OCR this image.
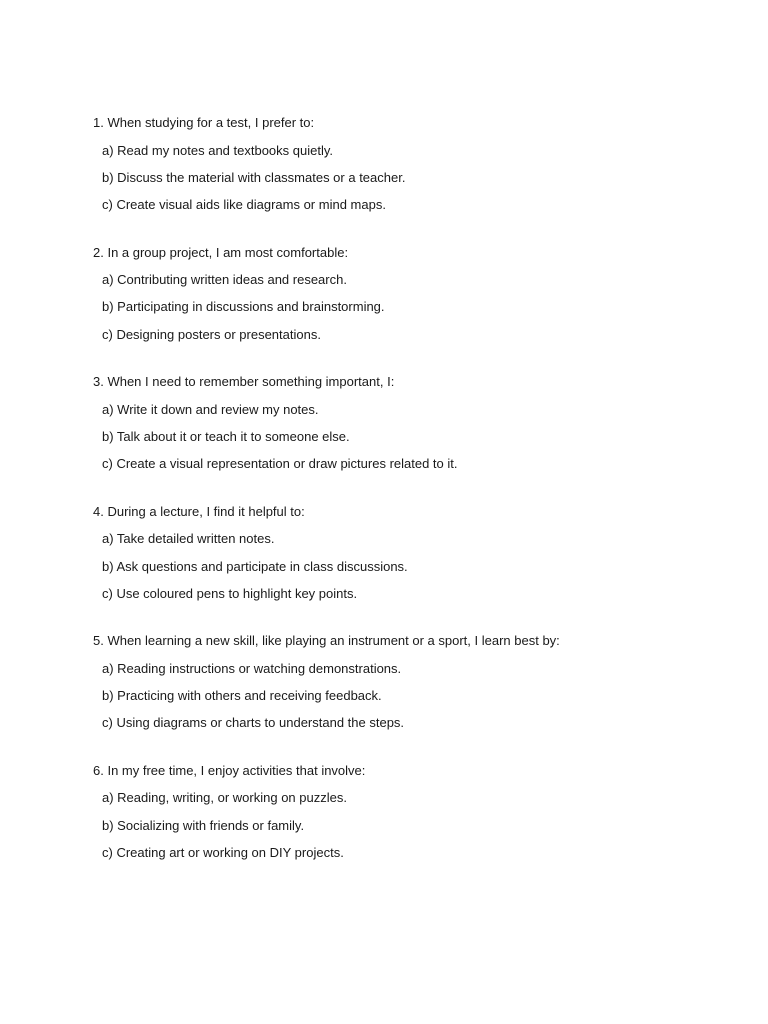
1. When studying for a test, I prefer to:
a) Read my notes and textbooks quietly.
b) Discuss the material with classmates or a teacher.
c) Create visual aids like diagrams or mind maps.
2. In a group project, I am most comfortable:
a) Contributing written ideas and research.
b) Participating in discussions and brainstorming.
c) Designing posters or presentations.
3. When I need to remember something important, I:
a) Write it down and review my notes.
b) Talk about it or teach it to someone else.
c) Create a visual representation or draw pictures related to it.
4. During a lecture, I find it helpful to:
a) Take detailed written notes.
b) Ask questions and participate in class discussions.
c) Use coloured pens to highlight key points.
5. When learning a new skill, like playing an instrument or a sport, I learn best by:
a) Reading instructions or watching demonstrations.
b) Practicing with others and receiving feedback.
c) Using diagrams or charts to understand the steps.
6. In my free time, I enjoy activities that involve:
a) Reading, writing, or working on puzzles.
b) Socializing with friends or family.
c) Creating art or working on DIY projects.
